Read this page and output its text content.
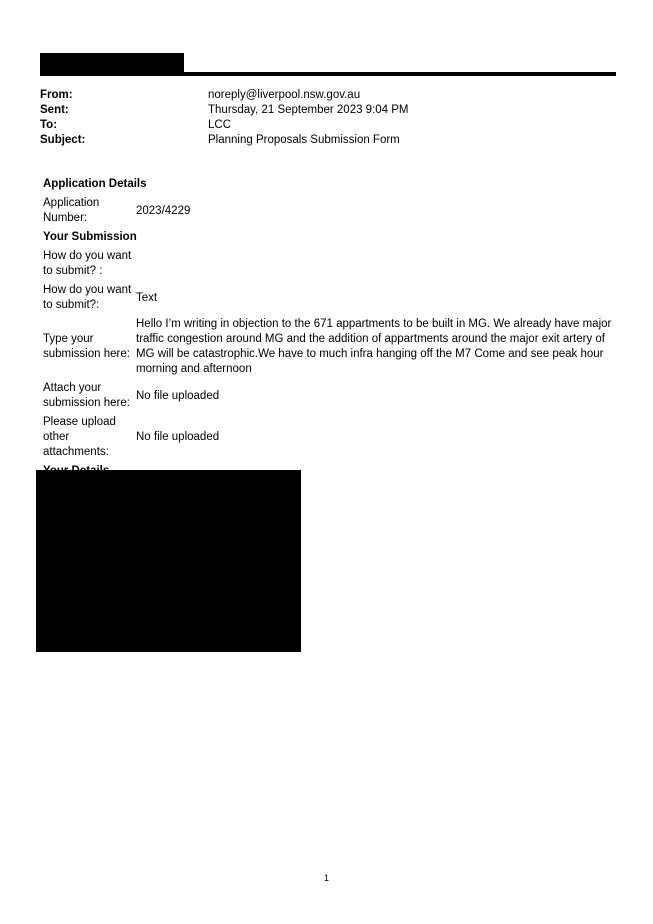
From:	noreply@liverpool.nsw.gov.au
Sent:	Thursday, 21 September 2023 9:04 PM
To:	LCC
Subject:	Planning Proposals Submission Form
Application Details
Application Number:
2023/4229
Your Submission
How do you want to submit? :
How do you want to submit?:
Text
Type your submission here:
Hello I’m writing in objection to the 671 appartments to be built in MG. We already have major traffic congestion around MG and the addition of appartments around the major exit artery of MG will be catastrophic.We have to much infra hanging off the M7 Come and see peak hour morning and afternoon
Attach your submission here:
No file uploaded
Please upload other attachments:
No file uploaded
1
